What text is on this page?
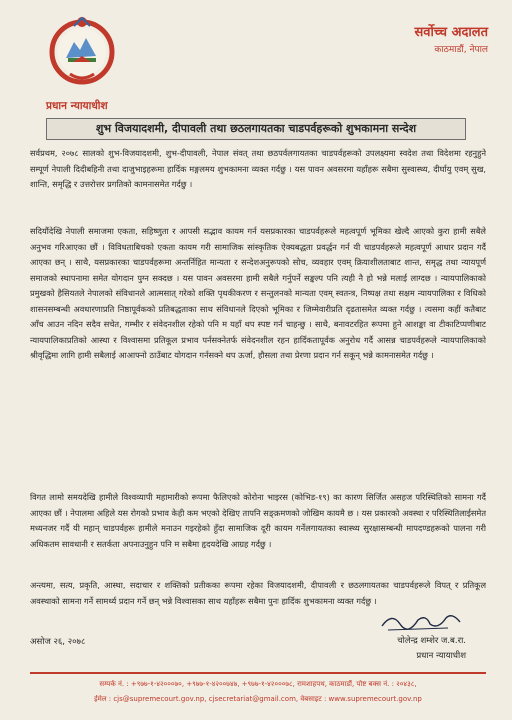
सर्वोच्च अदालत
काठमाडौं, नेपाल
प्रधान न्यायाधीश
शुभ विजयादशमी, दीपावली तथा छठलगायतका चाडपर्वहरूको शुभकामना सन्देश
सर्वप्रथम, २०७८ सालको शुभ-विजयादशमी, शुभ-दीपावली, नेपाल संवत् तथा छठपर्वलगायतका चाडपर्वहरूको उपलक्ष्यमा स्वदेश तथा विदेशमा रहनुहुने सम्पूर्ण नेपाली दिदीबहिनी तथा दाजुभाइहरूमा हार्दिक मङ्गलमय शुभकामना व्यक्त गर्दछु । यस पावन अवसरमा यहाँहरू सबैमा सुस्वास्थ्य, दीर्घायु एवम् सुख, शान्ति, समृद्धि र उत्तरोत्तर प्रगतिको कामनासमेत गर्दछु ।
सदियौंदेखि नेपाली समाजमा एकता, सहिष्णुता र आपसी सद्भाव कायम गर्न यसप्रकारका चाडपर्वहरूले महत्वपूर्ण भूमिका खेल्दै आएको कुरा हामी सबैले अनुभव गरिआएका छौं । विविधताबिचको एकता कायम गरी सामाजिक सांस्कृतिक ऐक्यबद्धता प्रवर्द्धन गर्न यी चाडपर्वहरूले महत्वपूर्ण आधार प्रदान गर्दै आएका छन् । साथै, यसप्रकारका चाडपर्वहरूमा अन्तर्निहित मान्यता र सन्देशअनुरूपको सोच, व्यवहार एवम् क्रियाशीलताबाट शान्त, समृद्ध तथा न्यायपूर्ण समाजको स्थापनामा समेत योगदान पुग्न सक्दछ । यस पावन अवसरमा हामी सबैले गर्नुपर्ने सङ्कल्प पनि त्यही नै हो भन्ने मलाई लाग्दछ । न्यायपालिकाको प्रमुखको हैसियतले नेपालको संविधानले आत्मसात् गरेको शक्ति पृथकीकरण र सन्तुलनको मान्यता एवम् स्वतन्त्र, निष्पक्ष तथा सक्षम न्यायपालिका र विधिको शासनसम्बन्धी अवधारणाप्रति निष्ठापूर्वकको प्रतिबद्धताका साथ संविधानले दिएको भूमिका र जिम्मेवारीप्रति दृढतासमेत व्यक्त गर्दछु । त्यसमा कहीं कतैबाट आँच आउन नदिन सदैव सचेत, गम्भीर र संवेदनशील रहेको पनि म यहाँ थप स्पष्ट गर्न चाहन्छु । साथै, बनावटरहित रूपमा हुने आशङ्का वा टीकाटिप्पणीबाट न्यायपालिकाप्रतिको आस्था र विश्वासमा प्रतिकूल प्रभाव पर्नसक्नेतर्फ संवेदनशील रहन हार्दिकतापूर्वक अनुरोध गर्दै आसन्न चाडपर्वहरूले न्यायपालिकाको श्रीवृद्धिमा लागि हामी सबैलाई आआफ्नो ठाउँबाट योगदान गर्नसक्ने थप ऊर्जा, हौसला तथा प्रेरणा प्रदान गर्न सकून् भन्ने कामनासमेत गर्दछु ।
विगत लामो समयदेखि हामीले विश्वव्यापी महामारीको रूपमा फैलिएको कोरोना भाइरस (कोभिड-१९) का कारण सिर्जित असहज परिस्थितिको सामना गर्दै आएका छौं । नेपालमा अहिले यस रोगको प्रभाव केही कम भएको देखिए तापनि सङ्क्रमणको जोखिम कायमै छ । यस प्रकारको अवस्था र परिस्थितिलाईसमेत मध्यनजर गर्दै यी महान् चाडपर्वहरू हामीले मनाउन गइरहेको हुँदा सामाजिक दूरी कायम गर्नेलगायतका स्वास्थ्य सुरक्षासम्बन्धी मापदण्डहरूको पालना गरी अधिकतम सावधानी र सतर्कता अपनाउनुहुन पनि म सबैमा हृदयदेखि आग्रह गर्दछु ।
अन्त्यमा, सत्य, प्रकृति, आस्था, सदाचार र शक्तिको प्रतीकका रूपमा रहेका विजयादशमी, दीपावली र छठलगायतका चाडपर्वहरूले विपत् र प्रतिकूल अवस्थाको सामना गर्ने सामर्थ्य प्रदान गर्ने छन् भन्ने विश्वासका साथ यहाँहरू सबैमा पुनः हार्दिक शुभकामना व्यक्त गर्दछु ।
असोज २६, २०७८	चोलेन्द्र शम्शेर ज.ब.रा.
प्रधान न्यायाधीश
सम्पर्क नं. : +९७७-१-४२०००७०, +९७७-१-४२००७४७, +९७७-१-४२०००७८, रामशाहपथ, काठमाडौं, पोष्ट बक्स नं. : २०४३८,
ईमेल : cjs@supremecourt.gov.np, cjsecretariat@gmail.com, वेबसाइट : www.supremecourt.gov.np
